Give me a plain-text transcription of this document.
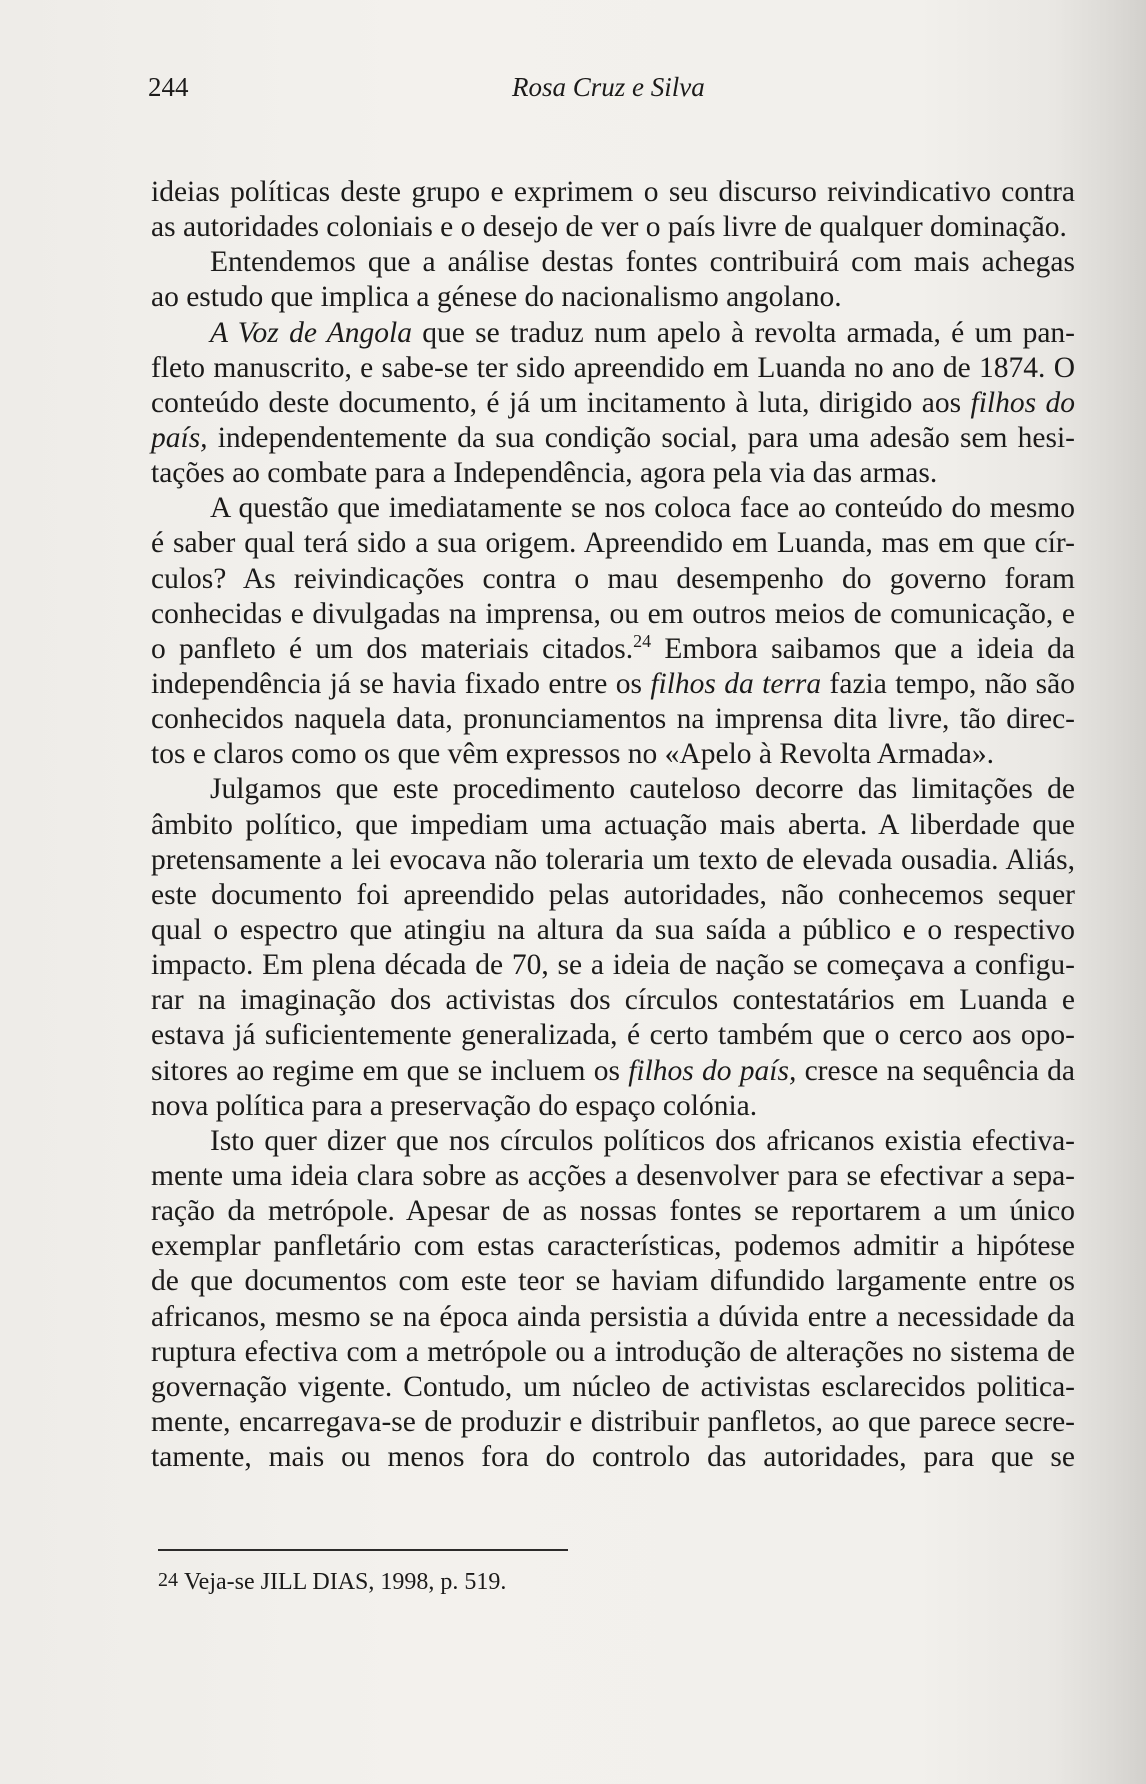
244	Rosa Cruz e Silva
ideias políticas deste grupo e exprimem o seu discurso reivindicativo contra
as autoridades coloniais e o desejo de ver o país livre de qualquer dominação.
Entendemos que a análise destas fontes contribuirá com mais achegas
ao estudo que implica a génese do nacionalismo angolano.
A Voz de Angola que se traduz num apelo à revolta armada, é um pan-
fleto manuscrito, e sabe-se ter sido apreendido em Luanda no ano de 1874. O
conteúdo deste documento, é já um incitamento à luta, dirigido aos filhos do
país, independentemente da sua condição social, para uma adesão sem hesi-
tações ao combate para a Independência, agora pela via das armas.
A questão que imediatamente se nos coloca face ao conteúdo do mesmo
é saber qual terá sido a sua origem. Apreendido em Luanda, mas em que cír-
culos? As reivindicações contra o mau desempenho do governo foram
conhecidas e divulgadas na imprensa, ou em outros meios de comunicação, e
o panfleto é um dos materiais citados.$^{24}$ Embora saibamos que a ideia da
independência já se havia fixado entre os filhos da terra fazia tempo, não são
conhecidos naquela data, pronunciamentos na imprensa dita livre, tão direc-
tos e claros como os que vêm expressos no «Apelo à Revolta Armada».
Julgamos que este procedimento cauteloso decorre das limitações de
âmbito político, que impediam uma actuação mais aberta. A liberdade que
pretensamente a lei evocava não toleraria um texto de elevada ousadia. Aliás,
este documento foi apreendido pelas autoridades, não conhecemos sequer
qual o espectro que atingiu na altura da sua saída a público e o respectivo
impacto. Em plena década de 70, se a ideia de nação se começava a configu-
rar na imaginação dos activistas dos círculos contestatários em Luanda e
estava já suficientemente generalizada, é certo também que o cerco aos opo-
sitores ao regime em que se incluem os filhos do país, cresce na sequência da
nova política para a preservação do espaço colónia.
Isto quer dizer que nos círculos políticos dos africanos existia efectiva-
mente uma ideia clara sobre as acções a desenvolver para se efectivar a sepa-
ração da metrópole. Apesar de as nossas fontes se reportarem a um único
exemplar panfletário com estas características, podemos admitir a hipótese
de que documentos com este teor se haviam difundido largamente entre os
africanos, mesmo se na época ainda persistia a dúvida entre a necessidade da
ruptura efectiva com a metrópole ou a introdução de alterações no sistema de
governação vigente. Contudo, um núcleo de activistas esclarecidos politica-
mente, encarregava-se de produzir e distribuir panfletos, ao que parece secre-
tamente, mais ou menos fora do controlo das autoridades, para que se
24 Veja-se JILL DIAS, 1998, p. 519.
